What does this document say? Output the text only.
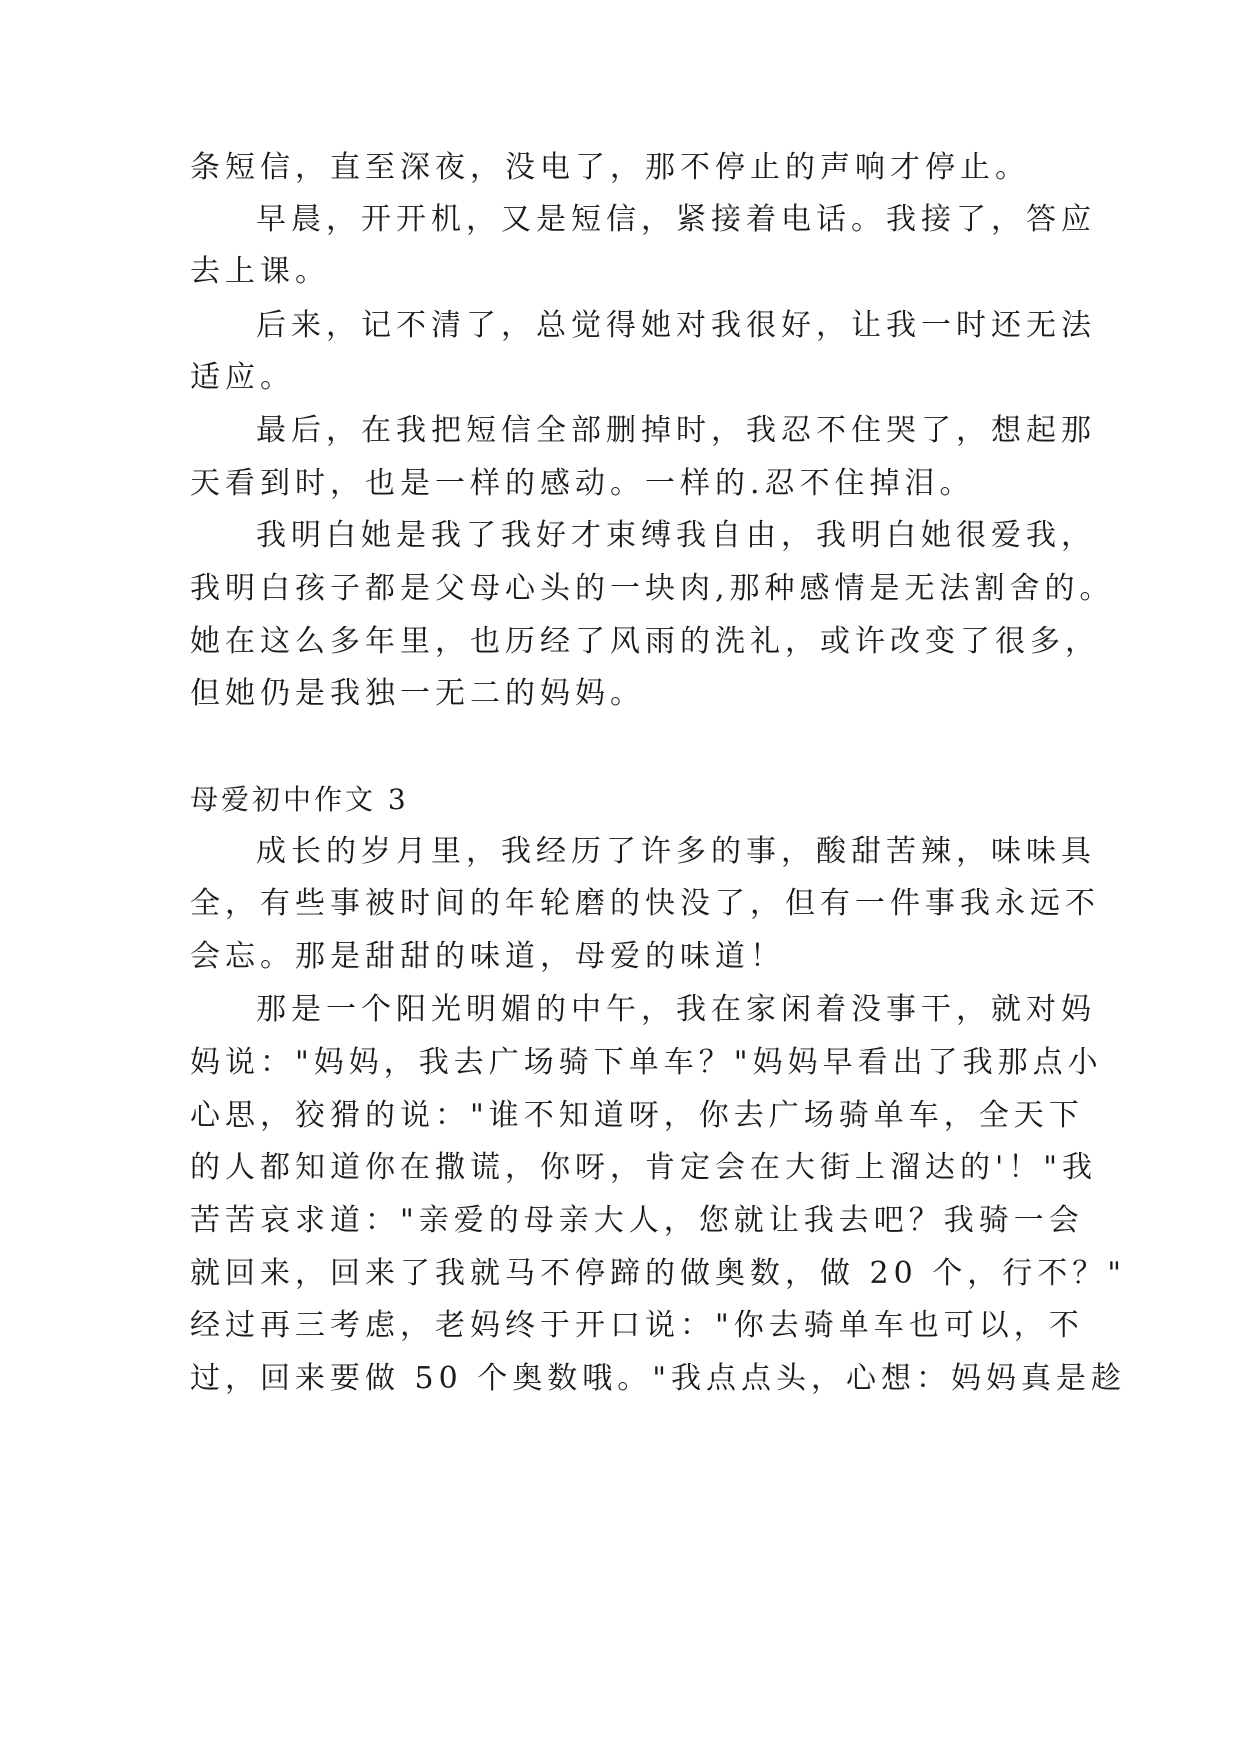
条短信，直至深夜，没电了，那不停止的声响才停止。
早晨，开开机，又是短信，紧接着电话。我接了，答应
去上课。
后来，记不清了，总觉得她对我很好，让我一时还无法
适应。
最后，在我把短信全部删掉时，我忍不住哭了，想起那
天看到时，也是一样的感动。一样的.忍不住掉泪。
我明白她是我了我好才束缚我自由，我明白她很爱我，
我明白孩子都是父母心头的一块肉,那种感情是无法割舍的。
她在这么多年里，也历经了风雨的洗礼，或许改变了很多，
但她仍是我独一无二的妈妈。
母爱初中作文 3
成长的岁月里，我经历了许多的事，酸甜苦辣，味味具
全，有些事被时间的年轮磨的快没了，但有一件事我永远不
会忘。那是甜甜的味道，母爱的味道！
那是一个阳光明媚的中午，我在家闲着没事干，就对妈
妈说："妈妈，我去广场骑下单车？"妈妈早看出了我那点小
心思，狡猾的说："谁不知道呀，你去广场骑单车，全天下
的人都知道你在撒谎，你呀，肯定会在大街上溜达的'！"我
苦苦哀求道："亲爱的母亲大人，您就让我去吧？我骑一会
就回来，回来了我就马不停蹄的做奥数，做 20 个，行不？"
经过再三考虑，老妈终于开口说："你去骑单车也可以，不
过，回来要做 50 个奥数哦。"我点点头，心想：妈妈真是趁
